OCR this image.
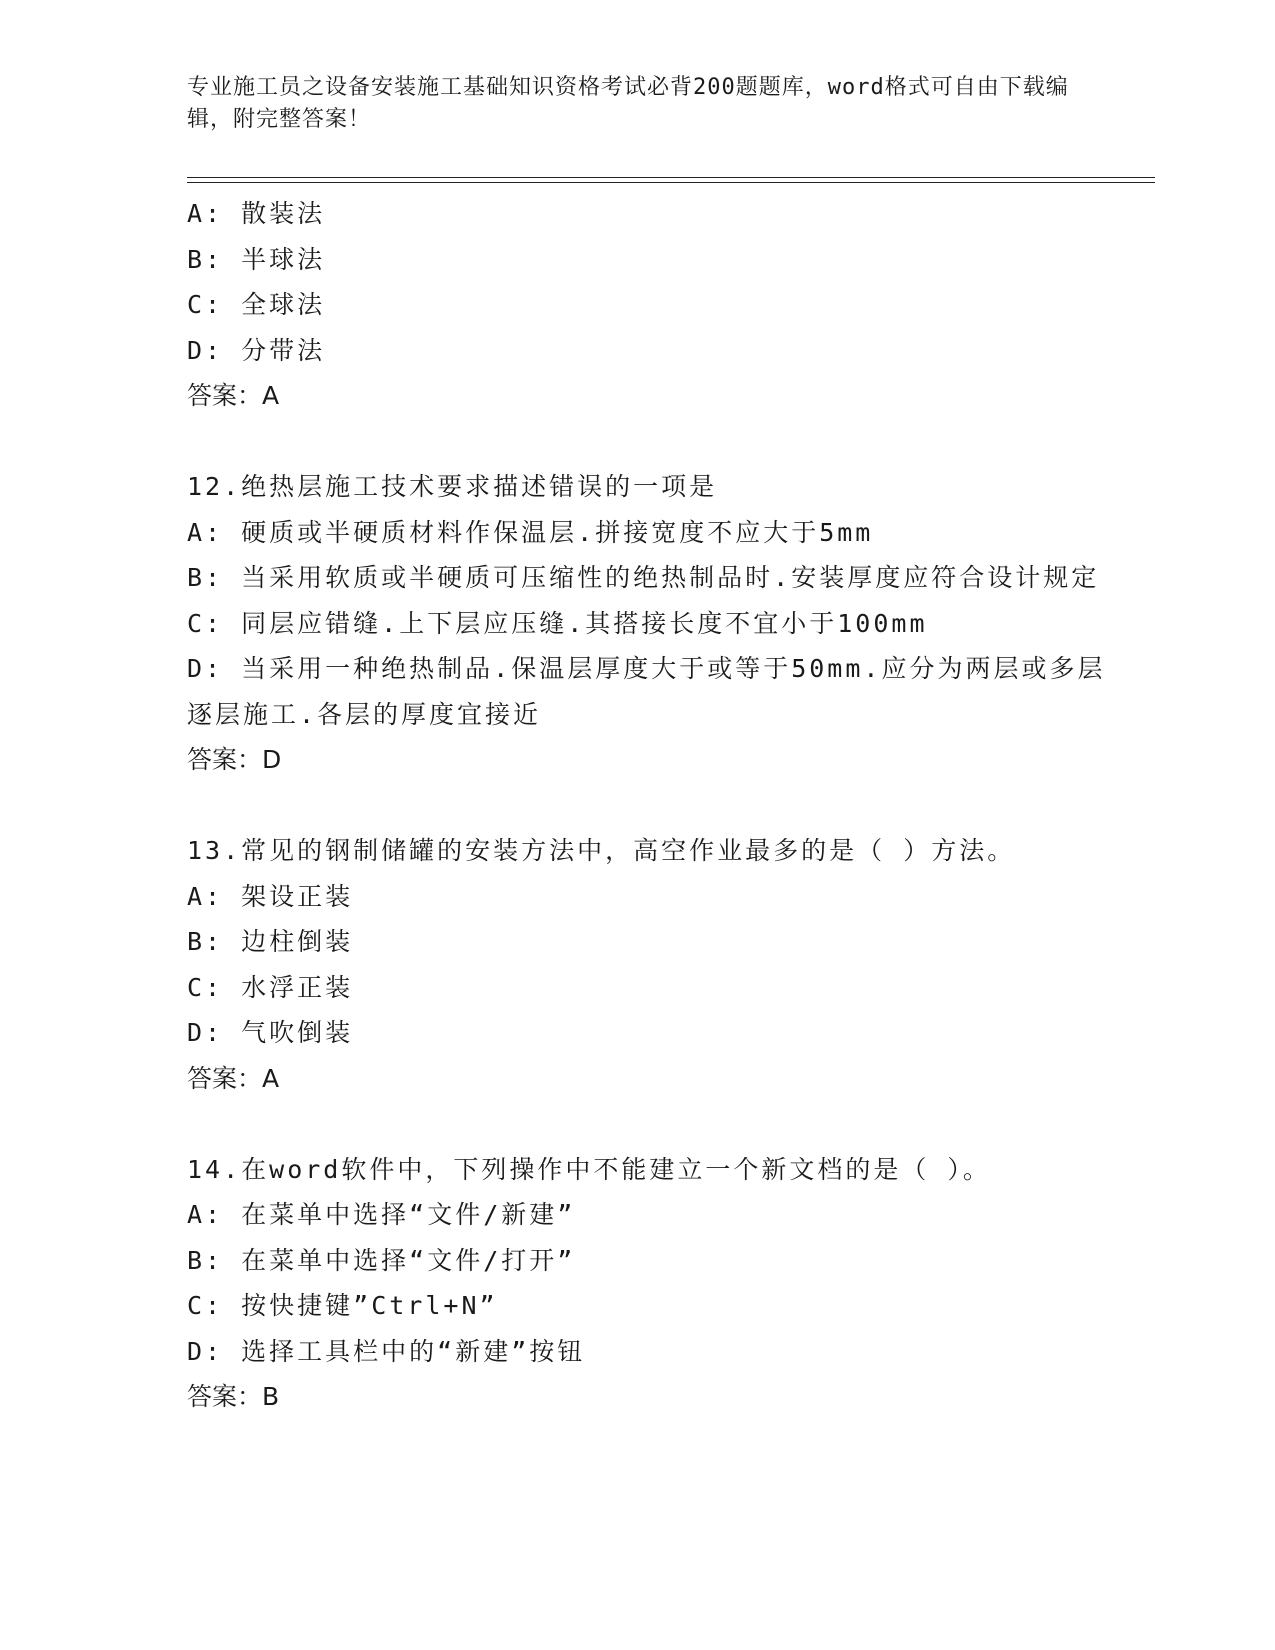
专业施工员之设备安装施工基础知识资格考试必背200题题库，word格式可自由下载编辑，附完整答案！
A: 散装法
B: 半球法
C: 全球法
D: 分带法
答案：A
12.绝热层施工技术要求描述错误的一项是
A: 硬质或半硬质材料作保温层.拼接宽度不应大于5mm
B: 当采用软质或半硬质可压缩性的绝热制品时.安装厚度应符合设计规定
C: 同层应错缝.上下层应压缝.其搭接长度不宜小于100mm
D: 当采用一种绝热制品.保温层厚度大于或等于50mm.应分为两层或多层逐层施工.各层的厚度宜接近
答案：D
13.常见的钢制储罐的安装方法中，高空作业最多的是（ ）方法。
A: 架设正装
B: 边柱倒装
C: 水浮正装
D: 气吹倒装
答案：A
14.在word软件中，下列操作中不能建立一个新文档的是（ ）。
A: 在菜单中选择“文件/新建”
B: 在菜单中选择“文件/打开”
C: 按快捷键”Ctrl+N”
D: 选择工具栏中的“新建”按钮
答案：B
